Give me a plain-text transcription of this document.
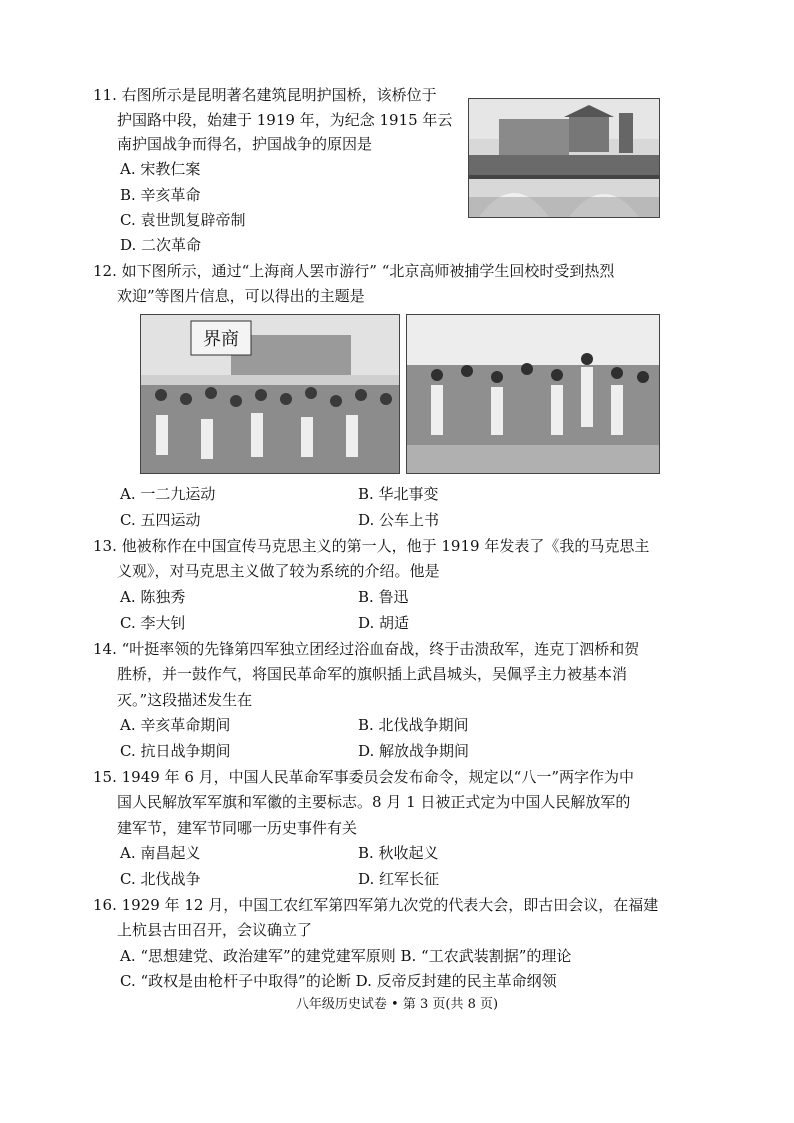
11. 右图所示是昆明著名建筑昆明护国桥，该桥位于
护国路中段，始建于 1919 年，为纪念 1915 年云
南护国战争而得名，护国战争的原因是
A. 宋教仁案
B. 辛亥革命
C. 袁世凯复辟帝制
D. 二次革命
12. 如下图所示，通过“上海商人罢市游行” “北京高师被捕学生回校时受到热烈
欢迎”等图片信息，可以得出的主题是
界商
A. 一二九运动	B. 华北事变
C. 五四运动	D. 公车上书
13. 他被称作在中国宣传马克思主义的第一人，他于 1919 年发表了《我的马克思主
义观》，对马克思主义做了较为系统的介绍。他是
A. 陈独秀	B. 鲁迅
C. 李大钊	D. 胡适
14. “叶挺率领的先锋第四军独立团经过浴血奋战，终于击溃敌军，连克丁泗桥和贺
胜桥，并一鼓作气，将国民革命军的旗帜插上武昌城头，吴佩孚主力被基本消
灭。”这段描述发生在
A. 辛亥革命期间	B. 北伐战争期间
C. 抗日战争期间	D. 解放战争期间
15. 1949 年 6 月，中国人民革命军事委员会发布命令，规定以“八一”两字作为中
国人民解放军军旗和军徽的主要标志。8 月 1 日被正式定为中国人民解放军的
建军节，建军节同哪一历史事件有关
A. 南昌起义	B. 秋收起义
C. 北伐战争	D. 红军长征
16. 1929 年 12 月，中国工农红军第四军第九次党的代表大会，即古田会议，在福建
上杭县古田召开，会议确立了
A. “思想建党、政治建军”的建党建军原则 B. “工农武装割据”的理论
C. “政权是由枪杆子中取得”的论断 D. 反帝反封建的民主革命纲领
八年级历史试卷 • 第 3 页(共 8 页)
